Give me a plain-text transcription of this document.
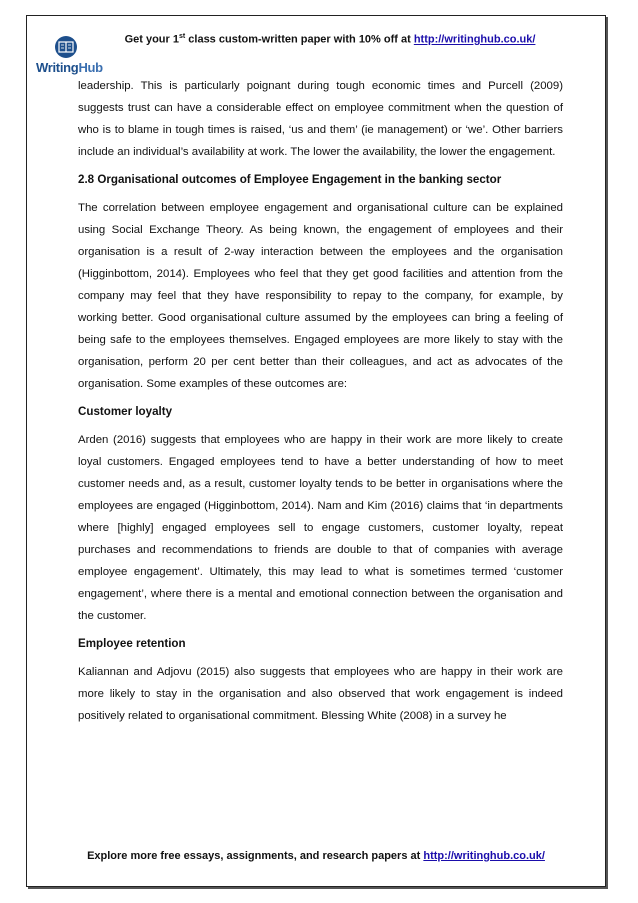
WritingHub
Get your 1st class custom-written paper with 10% off at http://writinghub.co.uk/

leadership. This is particularly poignant during tough economic times and Purcell (2009) suggests trust can have a considerable effect on employee commitment when the question of who is to blame in tough times is raised, ‘us and them’ (ie management) or ‘we’. Other barriers include an individual’s availability at work. The lower the availability, the lower the engagement.

2.8 Organisational outcomes of Employee Engagement in the banking sector

The correlation between employee engagement and organisational culture can be explained using Social Exchange Theory. As being known, the engagement of employees and their organisation is a result of 2-way interaction between the employees and the organisation (Higginbottom, 2014). Employees who feel that they get good facilities and attention from the company may feel that they have responsibility to repay to the company, for example, by working better. Good organisational culture assumed by the employees can bring a feeling of being safe to the employees themselves. Engaged employees are more likely to stay with the organisation, perform 20 per cent better than their colleagues, and act as advocates of the organisation. Some examples of these outcomes are:

Customer loyalty

Arden (2016) suggests that employees who are happy in their work are more likely to create loyal customers. Engaged employees tend to have a better understanding of how to meet customer needs and, as a result, customer loyalty tends to be better in organisations where the employees are engaged (Higginbottom, 2014). Nam and Kim (2016) claims that ‘in departments where [highly] engaged employees sell to engage customers, customer loyalty, repeat purchases and recommendations to friends are double to that of companies with average employee engagement’. Ultimately, this may lead to what is sometimes termed ‘customer engagement’, where there is a mental and emotional connection between the organisation and the customer.

Employee retention

Kaliannan and Adjovu (2015) also suggests that employees who are happy in their work are more likely to stay in the organisation and also observed that work engagement is indeed positively related to organisational commitment. Blessing White (2008) in a survey he

Explore more free essays, assignments, and research papers at http://writinghub.co.uk/
